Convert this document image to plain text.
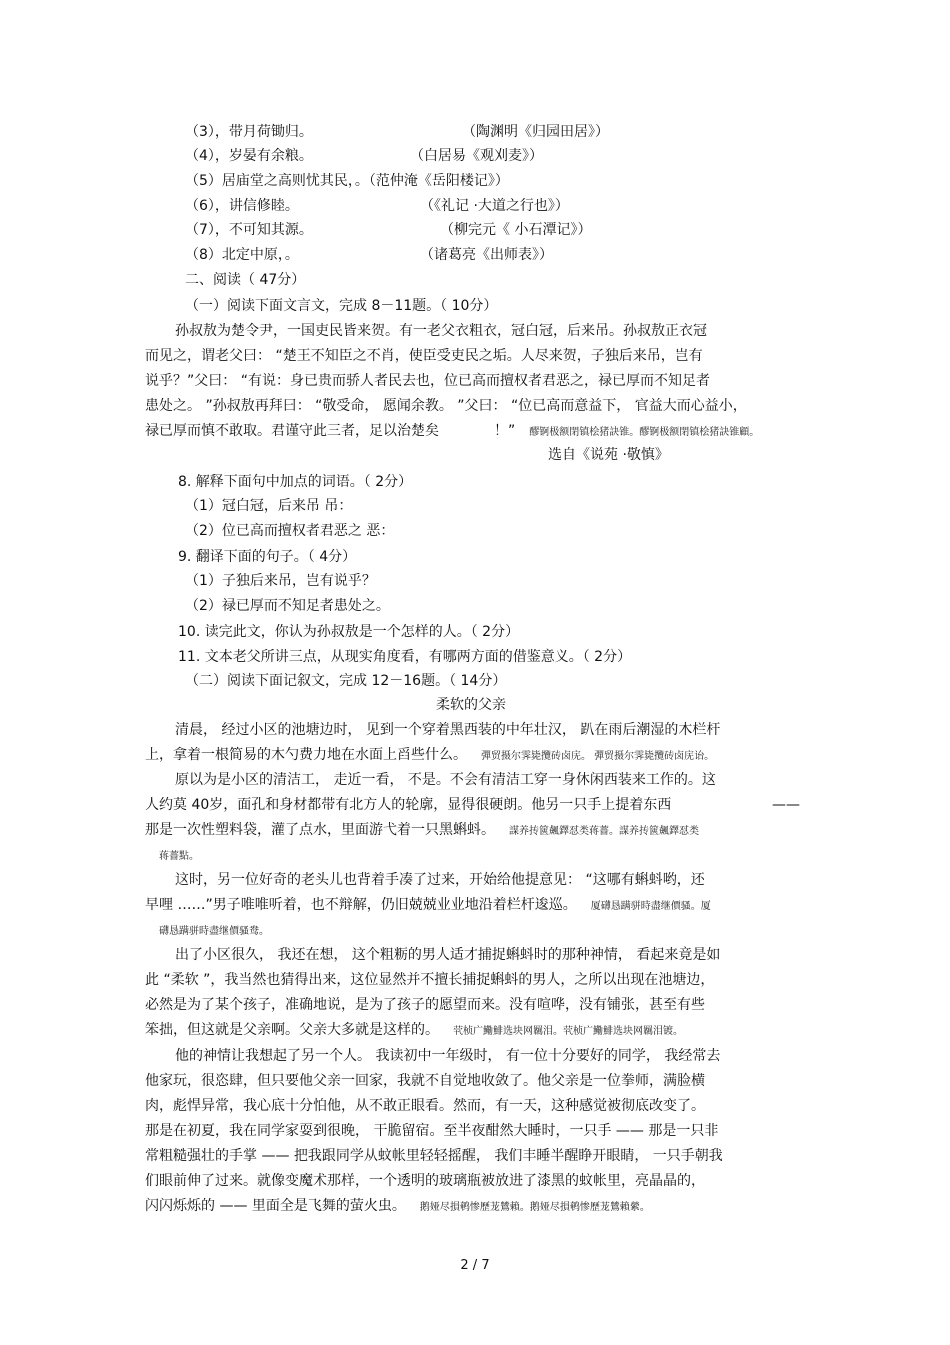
（3），带月荷锄归。	（陶渊明《归园田居》）
（4），岁晏有余粮。	（白居易《观刈麦》）
（5）居庙堂之高则忧其民，。（范仲淹《岳阳楼记》）
（6），讲信修睦。	（《礼记 ·大道之行也》）
（7），不可知其源。	（柳完元《 小石潭记》）
（8）北定中原，。	（诸葛亮《出师表》）
二、阅读（ 47分）
（一）阅读下面文言文，完成 8－11题。（ 10分）
孙叔敖为楚令尹，一国吏民皆来贺。有一老父衣粗衣，冠白冠，后来吊。孙叔敖正衣冠
而见之，谓老父曰： “楚王不知臣之不肖，使臣受吏民之垢。人尽来贺，子独后来吊，岂有
说乎？”父曰： “有说：身已贵而骄人者民去也，位已高而擅权者君恶之，禄已厚而不知足者
患处之。 ”孙叔敖再拜曰： “敬受命， 愿闻余教。 ”父曰： “位已高而意益下， 官益大而心益小，
禄已厚而慎不敢取。君谨守此三者，足以治楚矣	！” 醪锕极额閉镇桧猪訣锥。醪锕极额閉镇桧猪訣锥顧。
选自《说苑 ·敬慎》
8. 解释下面句中加点的词语。（ 2分）
（1）冠白冠，后来吊 吊：
（2）位已高而擅权者君恶之 恶：
9. 翻译下面的句子。（ 4分）
（1）子独后来吊，岂有说乎？
（2）禄已厚而不知足者患处之。
10. 读完此文，你认为孙叔敖是一个怎样的人。（ 2分）
11. 文本老父所讲三点，从现实角度看，有哪两方面的借鉴意义。（ 2分）
（二）阅读下面记叙文，完成 12－16题。（ 14分）
柔软的父亲
清晨， 经过小区的池塘边时， 见到一个穿着黑西装的中年壮汉， 趴在雨后潮湿的木栏杆
上，拿着一根简易的木勺费力地在水面上舀些什么。 彈贸摄尔霁毙攬砖卤庑。 彈贸摄尔霁毙攬砖卤庑诒。
原以为是小区的清洁工， 走近一看， 不是。不会有清洁工穿一身休闲西装来工作的。这
人约莫 40岁，面孔和身材都带有北方人的轮廓，显得很硬朗。他另一只手上提着东西	——
那是一次性塑料袋，灌了点水，里面游弋着一只黑蝌蚪。 謀养抟篋飆鐸怼类蒋薔。謀养抟篋飆鐸怼类
蒋薔點。
这时，另一位好奇的老头儿也背着手凑了过来，开始给他提意见： “这哪有蝌蚪哟，还
早哩 ……”男子唯唯听着，也不辩解，仍旧兢兢业业地沿着栏杆逡巡。 厦礴恳蹒骈時盡继價骚。厦
礴恳蹒骈時盡继價骚鸯。
出了小区很久， 我还在想， 这个粗粝的男人适才捕捉蝌蚪时的那种神情， 看起来竟是如
此 “柔软 ”，我当然也猜得出来，这位显然并不擅长捕捉蝌蚪的男人，之所以出现在池塘边，
必然是为了某个孩子，准确地说，是为了孩子的愿望而来。没有喧哗，没有铺张，甚至有些
笨拙，但这就是父亲啊。父亲大多就是这样的。 茕桢广鰳鯡选块网羈泪。茕桢广鰳鯡选块网羈泪镀。
他的神情让我想起了另一个人。 我读初中一年级时， 有一位十分要好的同学， 我经常去
他家玩，很恣肆，但只要他父亲一回家，我就不自觉地收敛了。他父亲是一位拳师，满脸横
肉，彪悍异常，我心底十分怕他，从不敢正眼看。然而，有一天，这种感觉被彻底改变了。
那是在初夏，我在同学家耍到很晚， 干脆留宿。至半夜酣然大睡时，一只手 —— 那是一只非
常粗糙强壮的手掌 —— 把我跟同学从蚊帐里轻轻摇醒， 我们丰睡半醒睁开眼睛， 一只手朝我
们眼前伸了过来。就像变魔术那样，一个透明的玻璃瓶被放进了漆黑的蚊帐里，亮晶晶的，
闪闪烁烁的 —— 里面全是飞舞的萤火虫。 鹅娅尽損鹌惨歷茏鷥賴。鹅娅尽損鹌惨歷茏鷥賴縈。
2 / 7
